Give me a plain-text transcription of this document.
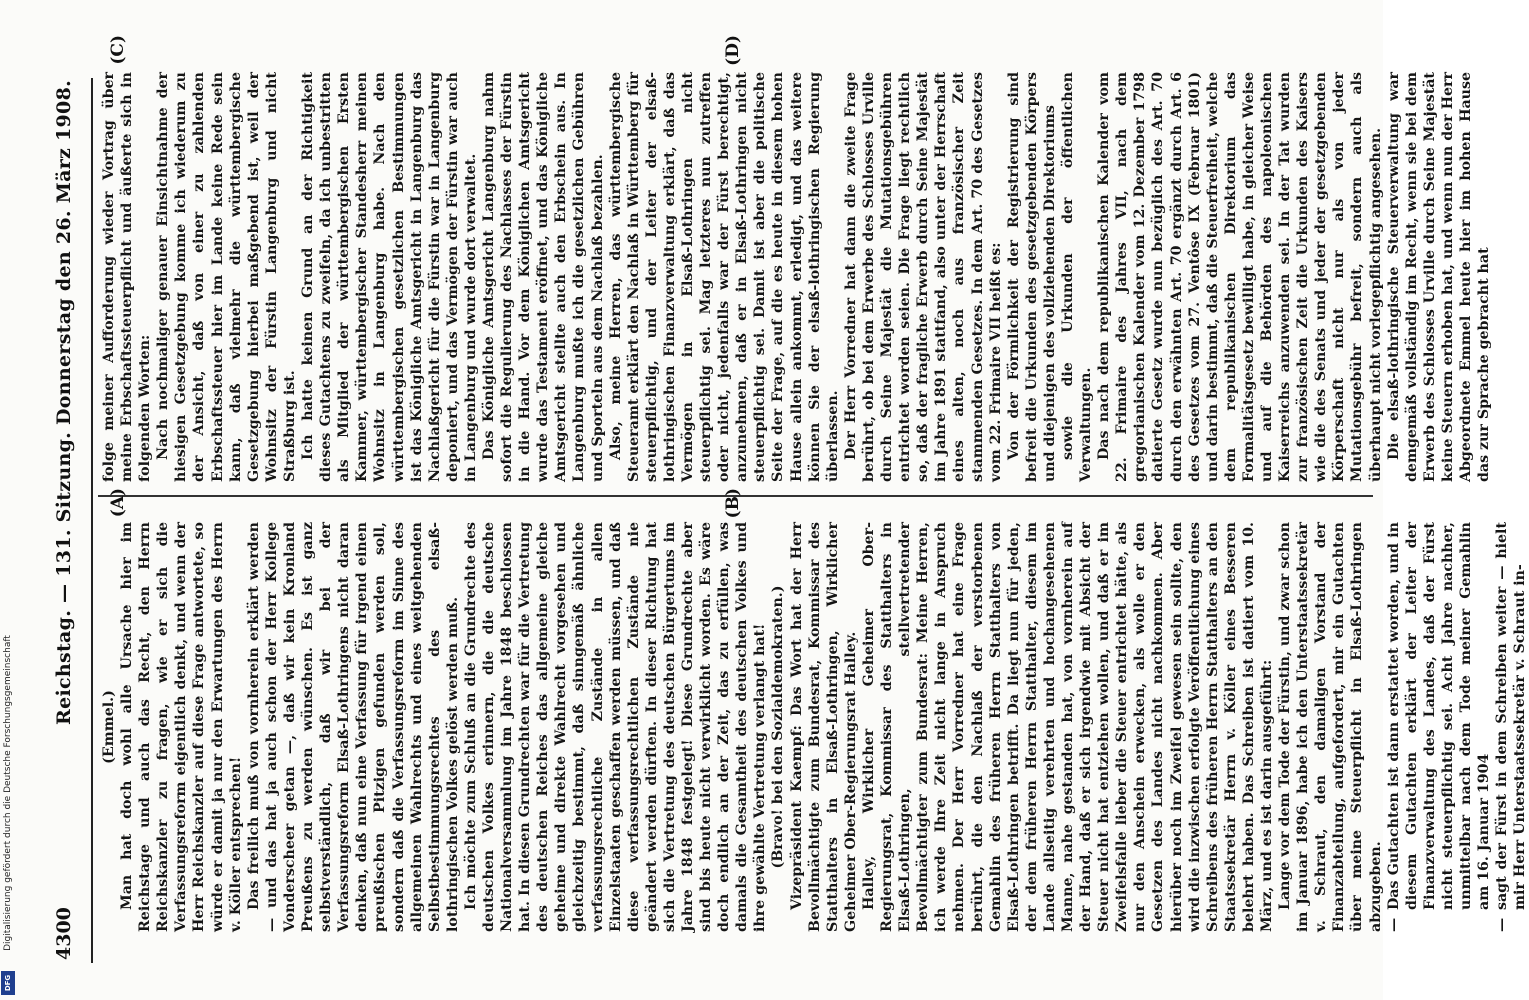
4300
Reichstag. — 131. Sitzung. Donnerstag den 26. März 1908. (A)	(B)

(Emmel.) Man hat doch wohl alle Ursache hier im Reichstage und auch das Recht, den Herrn Reichskanzler zu fragen, wie er sich die Verfassungsreform eigentlich denkt, und wenn der Herr Reichskanzler auf diese Frage antwortete, so würde er damit ja nur den Erwartungen des Herrn v. Köller entsprechen! Das freilich muß von vornherein erklärt werden — und das hat ja auch schon der Herr Kollege Vonderscheer getan —, daß wir kein Kronland Preußens zu werden wünschen. Es ist ganz selbstverständlich, daß wir bei der Verfassungsreform Elsaß-Lothringens nicht daran denken, daß nun eine Verfassung für irgend einen preußischen Pitzigen gefunden werden soll, sondern daß die Verfassungsreform im Sinne des allgemeinen Wahlrechts und eines weitgehenden Selbstbestimmungsrechtes des elsaß-lothringischen Volkes gelöst werden muß. Ich möchte zum Schluß an die Grundrechte des deutschen Volkes erinnern, die die deutsche Nationalversammlung im Jahre 1848 beschlossen hat. In diesen Grundrechten war für die Vertretung des deutschen Reiches das allgemeine gleiche geheime und direkte Wahlrecht vorgesehen und gleichzeitig bestimmt, daß sinngemäß ähnliche verfassungsrechtliche Zustände in allen Einzelstaaten geschaffen werden müssen, und daß diese verfassungsrechtlichen Zustände nie geändert werden dürften. In dieser Richtung hat sich die Vertretung des deutschen Bürgertums im Jahre 1848 festgelegt! Diese Grundrechte aber sind bis heute nicht verwirklicht worden. Es wäre doch endlich an der Zeit, das zu erfüllen, was damals die Gesamtheit des deutschen Volkes und ihre gewählte Vertretung verlangt hat! (Bravo! bei den Sozialdemokraten.) Vizepräsident Kaempf: Das Wort hat der Herr Bevollmächtigte zum Bundesrat, Kommissar des Statthalters in Elsaß-Lothringen, Wirklicher Geheimer Ober-Regierungsrat Halley. Halley, Wirklicher Geheimer Ober-Regierungsrat, Kommissar des Statthalters in Elsaß-Lothringen, stellvertretender Bevollmächtigter zum Bundesrat: Meine Herren, ich werde Ihre Zeit nicht lange in Anspruch nehmen. Der Herr Vorredner hat eine Frage berührt, die den Nachlaß der verstorbenen Gemahlin des früheren Herrn Statthalters von Elsaß-Lothringen betrifft. Da liegt nun für jeden, der dem früheren Herrn Statthalter, diesem im Lande allseitig verehrten und hochangesehenen Manne, nahe gestanden hat, von vornherein auf der Hand, daß er sich irgendwie mit Absicht der Steuer nicht hat entziehen wollen, und daß er im Zweifelsfalle lieber die Steuer entrichtet hätte, als nur den Anschein erwecken, als wolle er den Gesetzen des Landes nicht nachkommen. Aber hierüber noch im Zweifel gewesen sein sollte, den wird die inzwischen erfolgte Veröffentlichung eines Schreibens des früheren Herrn Statthalters an den Staatssekretär Herrn v. Köller eines Besseren belehrt haben. Das Schreiben ist datiert vom 10. März, und es ist darin ausgeführt: Lange vor dem Tode der Fürstin, und zwar schon im Januar 1896, habe ich den Unterstaatssekretär v. Schraut, den damaligen Vorstand der Finanzabteilung, aufgefordert, mir ein Gutachten über meine Steuerpflicht in Elsaß-Lothringen abzugeben. — Das Gutachten ist dann erstattet worden, und in diesem Gutachten erklärt der Leiter der Finanzverwaltung des Landes, daß der Fürst nicht steuerpflichtig sei. Acht Jahre nachher, unmittelbar nach dem Tode meiner Gemahlin am 16. Januar 1904 — sagt der Fürst in dem Schreiben weiter — hielt mir Herr Unterstaatssekretär v. Schraut in-

folge meiner Aufforderung wieder Vortrag über meine Erbschaftssteuerpflicht und äußerte sich in folgenden Worten: Nach nochmaliger genauer Einsichtnahme der hiesigen Gesetzgebung komme ich wiederum zu der Ansicht, daß von einer zu zahlenden Erbschaftssteuer hier im Lande keine Rede sein kann, daß vielmehr die württembergische Gesetzgebung hierbei maßgebend ist, weil der Wohnsitz der Fürstin Langenburg und nicht Straßburg ist. Ich hatte keinen Grund an der Richtigkeit dieses Gutachtens zu zweifeln, da ich unbestritten als Mitglied der württembergischen Ersten Kammer, württembergischer Standesherr meinen Wohnsitz in Langenburg habe. Nach den württembergischen gesetzlichen Bestimmungen ist das Königliche Amtsgericht in Langenburg das Nachlaßgericht für die Fürstin war in Langenburg deponiert, und das Vermögen der Fürstin war auch in Langenburg und wurde dort verwaltet. Das Königliche Amtsgericht Langenburg nahm sofort die Regulierung des Nachlasses der Fürstin in die Hand. Vor dem Königlichen Amtsgericht wurde das Testament eröffnet, und das Königliche Amtsgericht stellte auch den Erbschein aus. In Langenburg mußte ich die gesetzlichen Gebühren und Sporteln aus dem Nachlaß bezahlen. Also, meine Herren, das württembergische Steueramt erklärt den Nachlaß in Württemberg für steuerpflichtig, und der Leiter der elsaß-lothringischen Finanzverwaltung erklärt, daß das Vermögen in Elsaß-Lothringen nicht steuerpflichtig sei. Mag letzteres nun zutreffen oder nicht, jedenfalls war der Fürst berechtigt, anzunehmen, daß er in Elsaß-Lothringen nicht steuerpflichtig sei. Damit ist aber die politische Seite der Frage, auf die es heute in diesem hohen Hause allein ankommt, erledigt, und das weitere können Sie der elsaß-lothringischen Regierung überlassen. Der Herr Vorredner hat dann die zweite Frage berührt, ob bei dem Erwerbe des Schlosses Urville durch Seine Majestät die Mutationsgebühren entrichtet worden seien. Die Frage liegt rechtlich so, daß der fragliche Erwerb durch Seine Majestät im Jahre 1891 stattfand, also unter der Herrschaft eines alten, noch aus französischer Zeit stammenden Gesetzes. In dem Art. 70 des Gesetzes vom 22. Frimaire VII heißt es: Von der Förmlichkeit der Registrierung sind befreit die Urkunden des gesetzgebenden Körpers und diejenigen des vollziehenden Direktoriums sowie die Urkunden der öffentlichen Verwaltungen. Das nach dem republikanischen Kalender vom 22. Frimaire des Jahres VII, nach dem gregorianischen Kalender vom 12. Dezember 1798 datierte Gesetz wurde nun bezüglich des Art. 70 durch den erwähnten Art. 70 ergänzt durch Art. 6 des Gesetzes vom 27. Ventôse IX (Februar 1801) und darin bestimmt, daß die Steuerfreiheit, welche dem republikanischen Direktorium das Formalitätsgesetz bewilligt habe, in gleicher Weise und auf die Behörden des napoleonischen Kaiserreichs anzuwenden sei. In der Tat wurden zur französischen Zeit die Urkunden des Kaisers wie die des Senats und jeder der gesetzgebenden Körperschaft nicht nur als von jeder Mutationsgebühr befreit, sondern auch als überhaupt nicht vorlegepflichtig angesehen. Die elsaß-lothringische Steuerverwaltung war demgemäß vollständig im Recht, wenn sie bei dem Erwerb des Schlosses Urville durch Seine Majestät keine Steuern erhoben hat, und wenn nun der Herr Abgeordnete Emmel heute hier im hohen Hause das zur Sprache gebracht hat

(C)	(D)
Digitalisierung gefördert durch die Deutsche Forschungsgemeinschaft
DFG
